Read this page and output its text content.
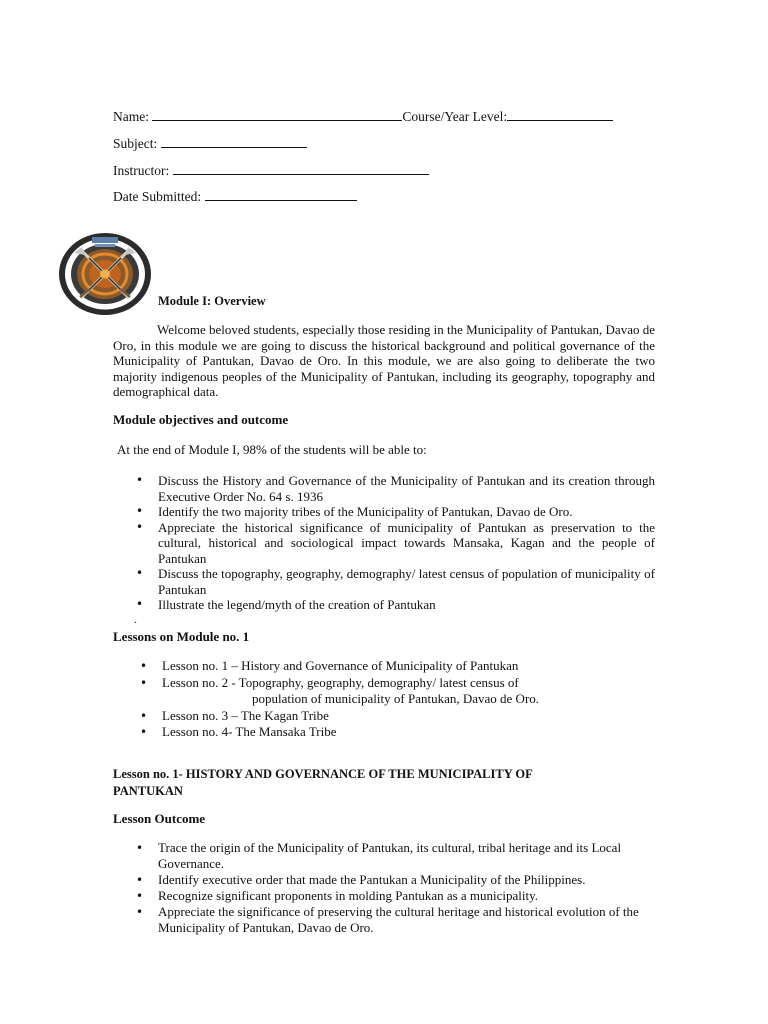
Name:	Course/Year Level:
Subject:
Instructor:
Date Submitted:
Module I: Overview
Welcome beloved students, especially those residing in the Municipality of Pantukan, Davao de Oro, in this module we are going to discuss the historical background and political governance of the Municipality of Pantukan, Davao de Oro. In this module, we are also going to deliberate the two majority indigenous peoples of the Municipality of Pantukan, including its geography, topography and demographical data.
Module objectives and outcome
At the end of Module I, 98% of the students will be able to:
• Discuss the History and Governance of the Municipality of Pantukan and its creation through Executive Order No. 64 s. 1936
• Identify the two majority tribes of the Municipality of Pantukan, Davao de Oro.
• Appreciate the historical significance of municipality of Pantukan as preservation to the cultural, historical and sociological impact towards Mansaka, Kagan and the people of Pantukan
• Discuss the topography, geography, demography/ latest census of population of municipality of Pantukan
• Illustrate the legend/myth of the creation of Pantukan
.
Lessons on Module no. 1
• Lesson no. 1 – History and Governance of Municipality of Pantukan
• Lesson no. 2 - Topography, geography, demography/ latest census of
population of municipality of Pantukan, Davao de Oro.
• Lesson no. 3 – The Kagan Tribe
• Lesson no. 4- The Mansaka Tribe
Lesson no. 1- HISTORY AND GOVERNANCE OF THE MUNICIPALITY OF
PANTUKAN
Lesson Outcome
• Trace the origin of the Municipality of Pantukan, its cultural, tribal heritage and its Local Governance.
• Identify executive order that made the Pantukan a Municipality of the Philippines.
• Recognize significant proponents in molding Pantukan as a municipality.
• Appreciate the significance of preserving the cultural heritage and historical evolution of the Municipality of Pantukan, Davao de Oro.
